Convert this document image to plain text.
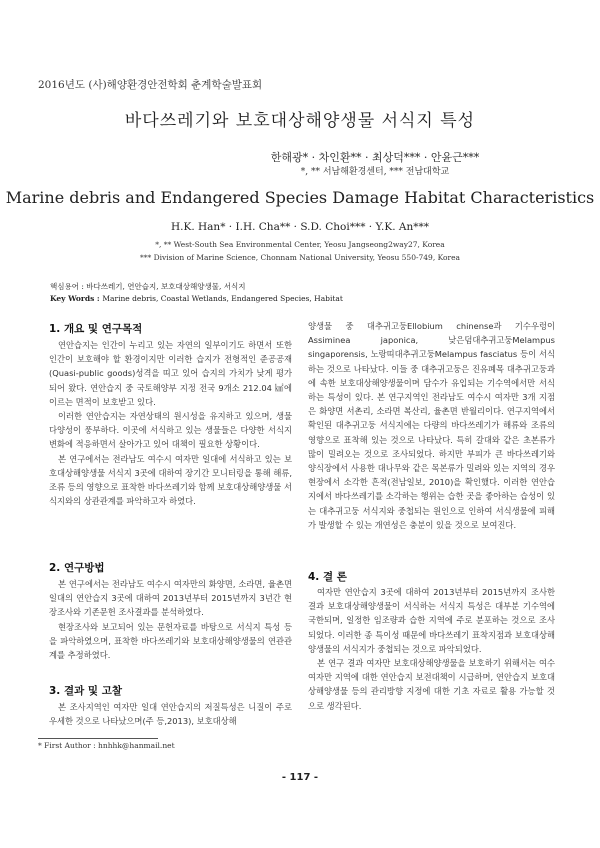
2016년도 (사)해양환경안전학회 춘계학술발표회
바다쓰레기와 보호대상해양생물 서식지 특성
한해광* · 차인환** · 최상덕*** · 안윤근***
*, ** 서남해환경센터, *** 전남대학교
Marine debris and Endangered Species Damage Habitat Characteristics
H.K. Han* · I.H. Cha** · S.D. Choi*** · Y.K. An***
*, ** West-South Sea Environmental Center, Yeosu Jangseong2way27, Korea
*** Division of Marine Science, Chonnam National University, Yeosu 550-749, Korea
핵심용어 : 바다쓰레기, 연안습지, 보호대상해양생물, 서식지
Key Words : Marine debris, Coastal Wetlands, Endangered Species, Habitat
1. 개요 및 연구목적

연안습지는 인간이 누리고 있는 자연의 일부이기도 하면서 또한 인간이 보호해야 할 환경이지만 이러한 습지가 전형적인 준공공재(Quasi-public goods)성격을 띠고 있어 습지의 가치가 낮게 평가되어 왔다. 연안습지 중 국토해양부 지정 전국 9개소 212.04 ㎢에 이르는 면적이 보호받고 있다.

이러한 연안습지는 자연상태의 원시성을 유지하고 있으며, 생물다양성이 풍부하다. 이곳에 서식하고 있는 생물들은 다양한 서식지 변화에 적응하면서 살아가고 있어 대책이 필요한 상황이다.

본 연구에서는 전라남도 여수시 여자만 일대에 서식하고 있는 보호대상해양생물 서식지 3곳에 대하여 장기간 모니터링을 통해 해류, 조류 등의 영향으로 표착한 바다쓰레기와 함께 보호대상해양생물 서식지와의 상관관계를 파악하고자 하였다.

2. 연구방법

본 연구에서는 전라남도 여수시 여자만의 화양면, 소라면, 율촌면 일대의 연안습지 3곳에 대하여 2013년부터 2015년까지 3년간 현장조사와 기존문헌 조사결과를 분석하였다.

현장조사와 보고되어 있는 문헌자료를 바탕으로 서식지 특성 등을 파악하였으며, 표착한 바다쓰레기와 보호대상해양생물의 연관관계를 추정하였다.

3. 결과 및 고찰

본 조사지역인 여자만 일대 연안습지의 저질특성은 니질이 주로 우세한 것으로 나타났으며(주 등,2013), 보호대상해

양생물 중 대추귀고둥Ellobium chinense과 기수우렁이 Assiminea japonica, 낮은덤대추귀고둥Melampus singaporensis, 노랑띠대추귀고둥Melampus fasciatus 등이 서식하는 것으로 나타났다. 이들 중 대추귀고둥은 진유폐목 대추귀고둥과에 속한 보호대상해양생물이며 담수가 유입되는 기수역에서만 서식하는 특성이 있다. 본 연구지역인 전라남도 여수시 여자만 3개 지점은 화양면 서촌리, 소라면 복산리, 율촌면 반월리이다. 연구지역에서 확인된 대추귀고둥 서식지에는 다량의 바다쓰레기가 해류와 조류의 영향으로 표착해 있는 것으로 나타났다. 특히 갈대와 같은 초본류가 많이 밀려오는 것으로 조사되었다. 하지만 부피가 큰 바다쓰레기와 양식장에서 사용한 대나무와 같은 목본류가 밀려와 있는 지역의 경우 현장에서 소각한 흔적(전남일보, 2010)을 확인했다. 이러한 연안습지에서 바다쓰레기를 소각하는 행위는 습한 곳을 좋아하는 습성이 있는 대추귀고둥 서식지와 중첩되는 원인으로 인하여 서식생물에 피해가 발생할 수 있는 개연성은 충분이 있을 것으로 보여진다.

4. 결 론

여자만 연안습지 3곳에 대하여 2013년부터 2015년까지 조사한 결과 보호대상해양생물이 서식하는 서식지 특성은 대부분 기수역에 국한되며, 일정한 임조량과 습한 지역에 주로 분포하는 것으로 조사되었다. 이러한 종 특이성 때문에 바다쓰레기 표착지점과 보호대상해양생물의 서식지가 중첩되는 것으로 파악되었다.

본 연구 결과 여자만 보호대상해양생물을 보호하기 위해서는 여수 여자만 지역에 대한 연안습지 보전대책이 시급하며, 연안습지 보호대상해양생물 등의 관리방향 지정에 대한 기초 자료로 활용 가능할 것으로 생각된다.

* First Author : hnhhk@hanmail.net
- 117 -
